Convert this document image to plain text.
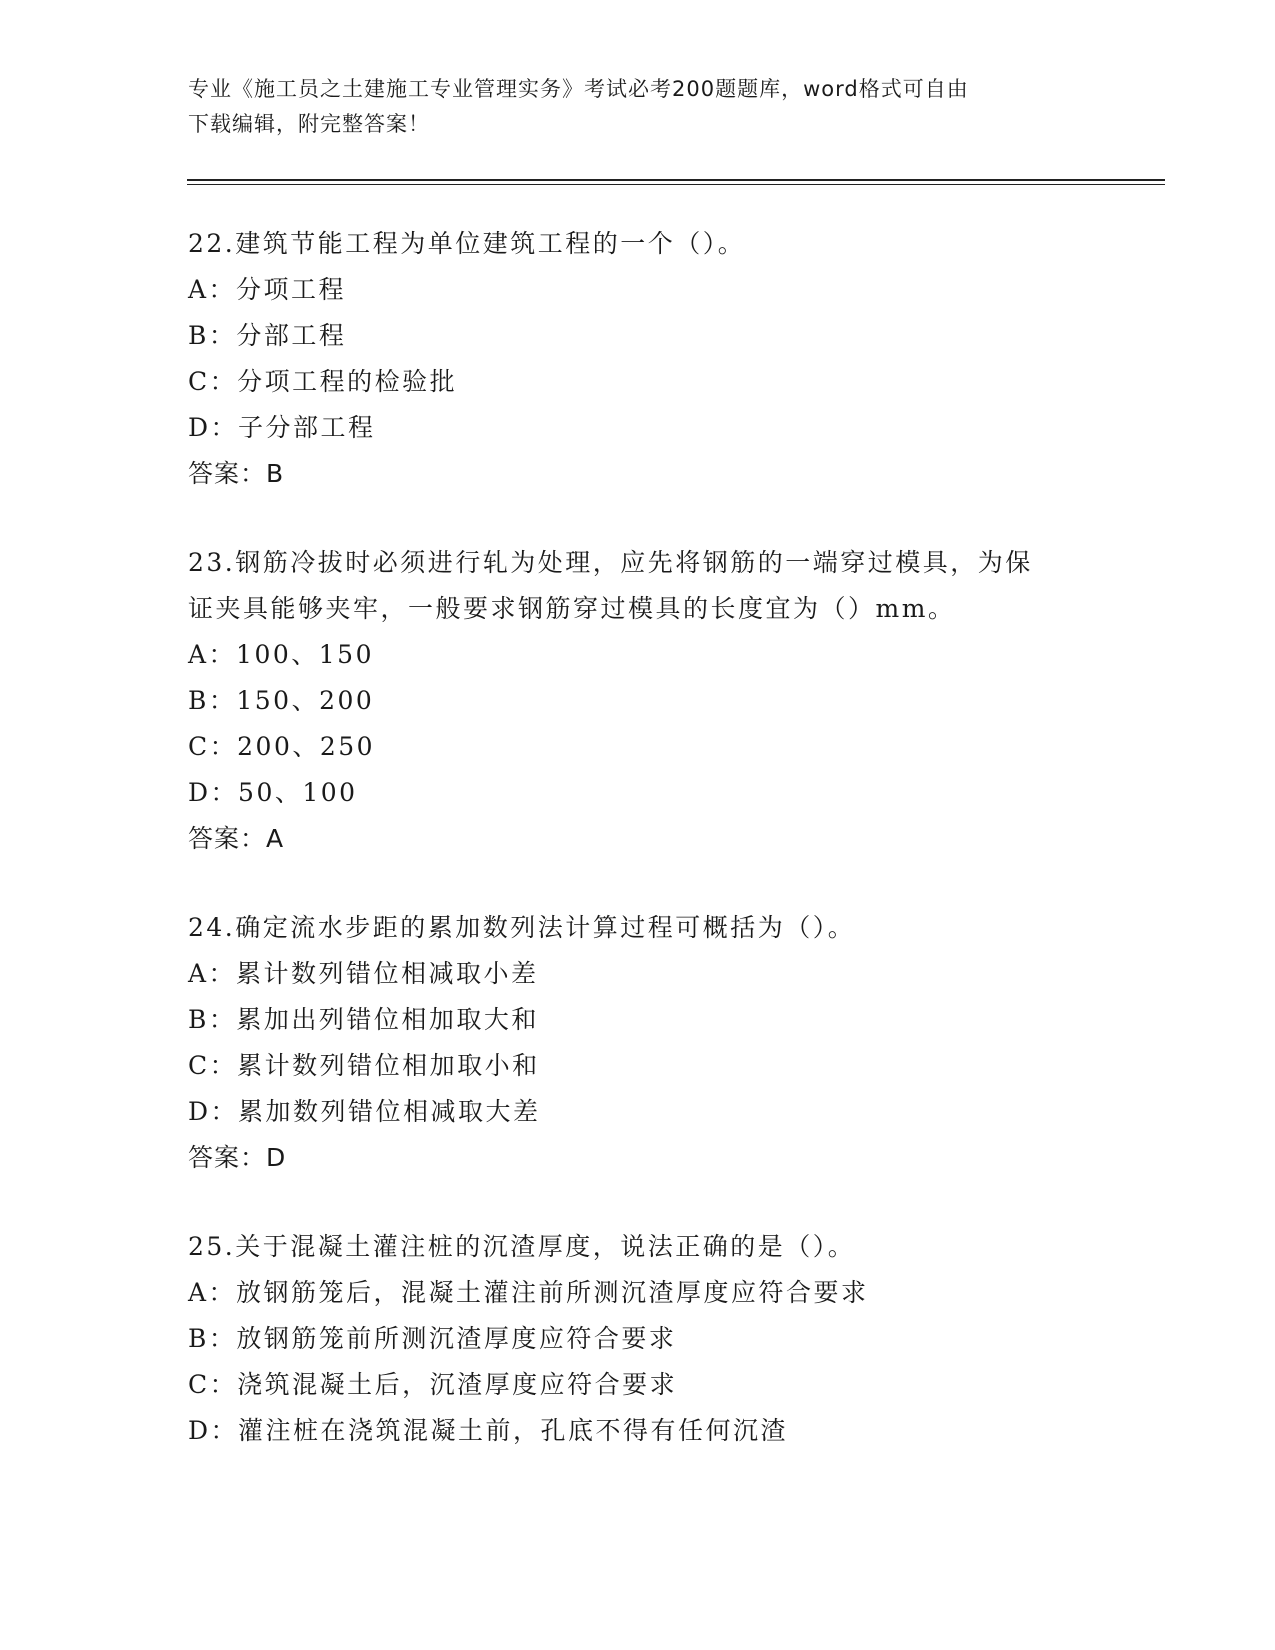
专业《施工员之土建施工专业管理实务》考试必考200题题库，word格式可自由
下载编辑，附完整答案！

22.建筑节能工程为单位建筑工程的一个（）。

A：分项工程

B：分部工程

C：分项工程的检验批

D：子分部工程

答案：B

23.钢筋冷拔时必须进行轧为处理，应先将钢筋的一端穿过模具，为保

证夹具能够夹牢，一般要求钢筋穿过模具的长度宜为（）mm。

A：100、150

B：150、200

C：200、250

D：50、100

答案：A

24.确定流水步距的累加数列法计算过程可概括为（）。

A：累计数列错位相减取小差

B：累加出列错位相加取大和

C：累计数列错位相加取小和

D：累加数列错位相减取大差

答案：D

25.关于混凝土灌注桩的沉渣厚度，说法正确的是（）。

A：放钢筋笼后，混凝土灌注前所测沉渣厚度应符合要求

B：放钢筋笼前所测沉渣厚度应符合要求

C：浇筑混凝土后，沉渣厚度应符合要求

D：灌注桩在浇筑混凝土前，孔底不得有任何沉渣
